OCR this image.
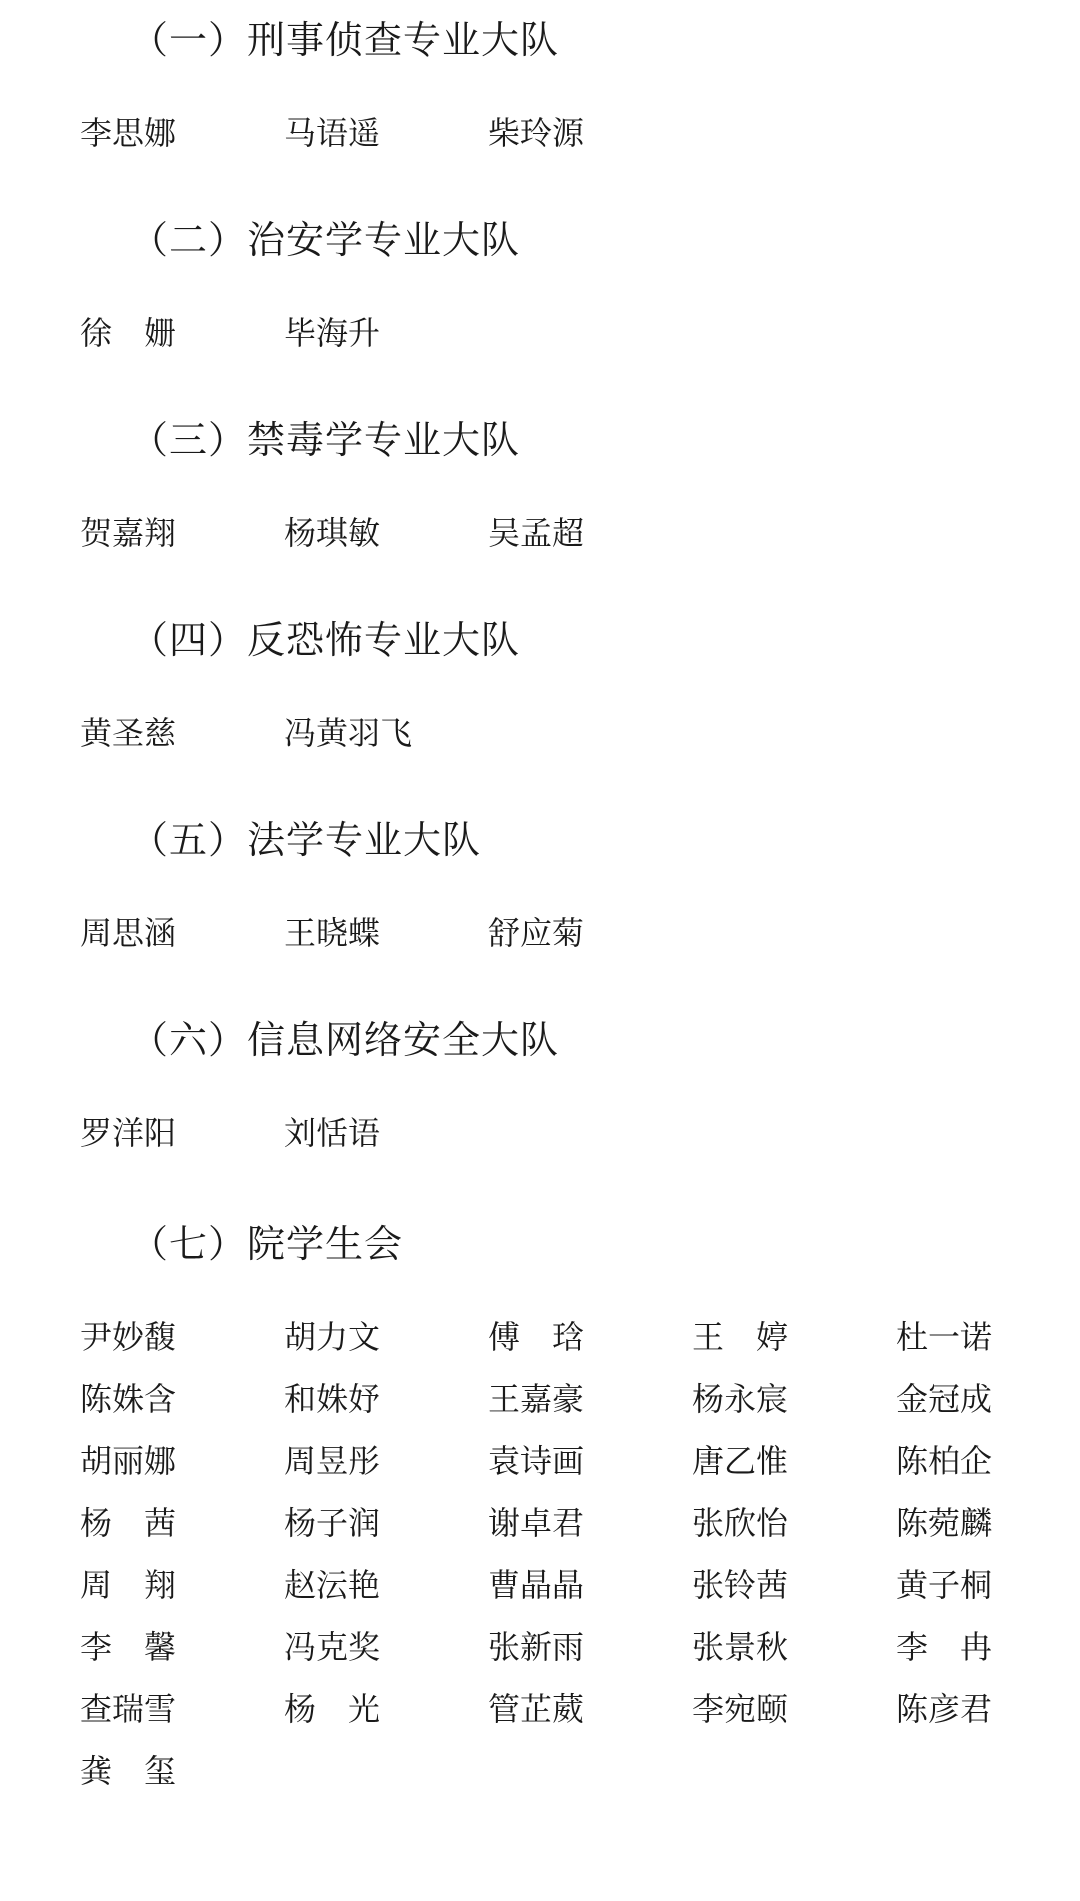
（一）刑事侦查专业大队
李思娜	马语遥	柴玲源
（二）治安学专业大队
徐　姗	毕海升
（三）禁毒学专业大队
贺嘉翔	杨琪敏	吴孟超
（四）反恐怖专业大队
黄圣慈	冯黄羽飞
（五）法学专业大队
周思涵	王晓蝶	舒应菊
（六）信息网络安全大队
罗洋阳	刘恬语
（七）院学生会
尹妙馥	胡力文	傅　琀	王　婷	杜一诺
陈姝含	和姝妤	王嘉豪	杨永宸	金冠成
胡丽娜	周昱彤	袁诗画	唐乙惟	陈柏企
杨　茜	杨子润	谢卓君	张欣怡	陈菀麟
周　翔	赵沄艳	曹晶晶	张铃茜	黄子桐
李　馨	冯克奖	张新雨	张景秋	李　冉
查瑞雪	杨　光	管芷葳	李宛颐	陈彦君
龚　玺
